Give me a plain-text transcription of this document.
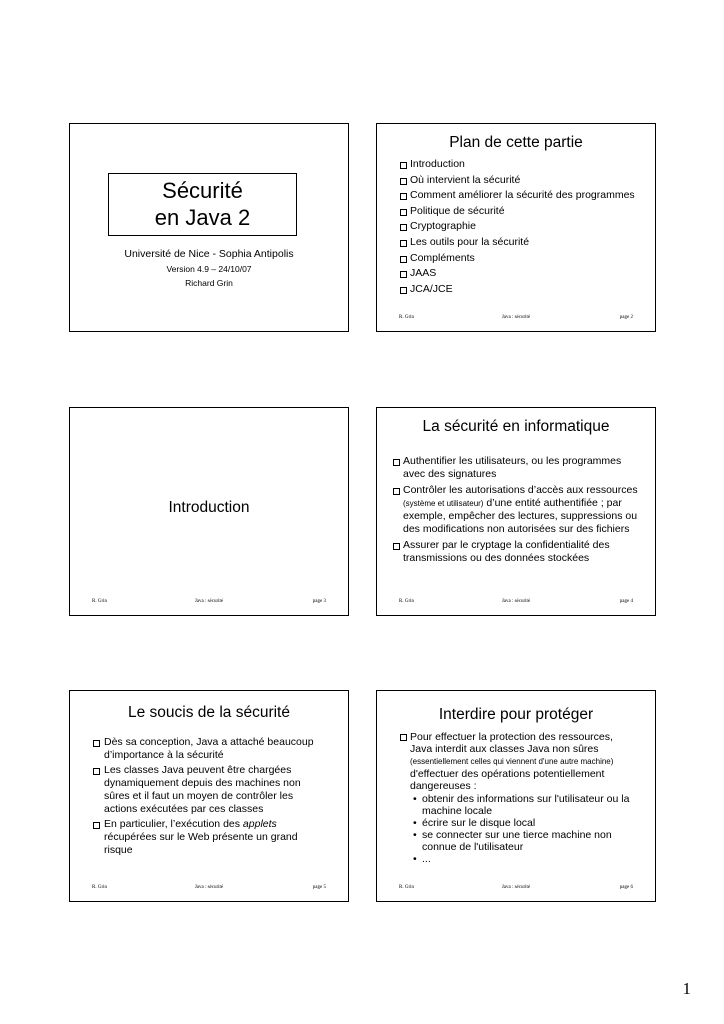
Sécurité
en Java 2
Université de Nice - Sophia Antipolis
Version 4.9 – 24/10/07
Richard Grin
Plan de cette partie
Introduction
Où intervient la sécurité
Comment améliorer la sécurité des programmes
Politique de sécurité
Cryptographie
Les outils pour la sécurité
Compléments
JAAS
JCA/JCE
R. Grin	Java : sécurité	page 2
Introduction
R. Grin	Java : sécurité	page 3
La sécurité en informatique
Authentifier les utilisateurs, ou les programmes avec des signatures
Contrôler les autorisations d’accès aux ressources (système et utilisateur) d’une entité authentifiée ; par exemple, empêcher des lectures, suppressions ou des modifications non autorisées sur des fichiers
Assurer par le cryptage la confidentialité des transmissions ou des données stockées
R. Grin	Java : sécurité	page 4
Le soucis de la sécurité
Dès sa conception, Java a attaché beaucoup d’importance à la sécurité
Les classes Java peuvent être chargées dynamiquement depuis des machines non sûres et il faut un moyen de contrôler les actions exécutées par ces classes
En particulier, l’exécution des applets récupérées sur le Web présente un grand risque
R. Grin	Java : sécurité	page 5
Interdire pour protéger
Pour effectuer la protection des ressources, Java interdit aux classes Java non sûres (essentiellement celles qui viennent d'une autre machine) d'effectuer des opérations potentiellement dangereuses :
• obtenir des informations sur l'utilisateur ou la machine locale
• écrire sur le disque local
• se connecter sur une tierce machine non connue de l'utilisateur
• ...
R. Grin	Java : sécurité	page 6
1
